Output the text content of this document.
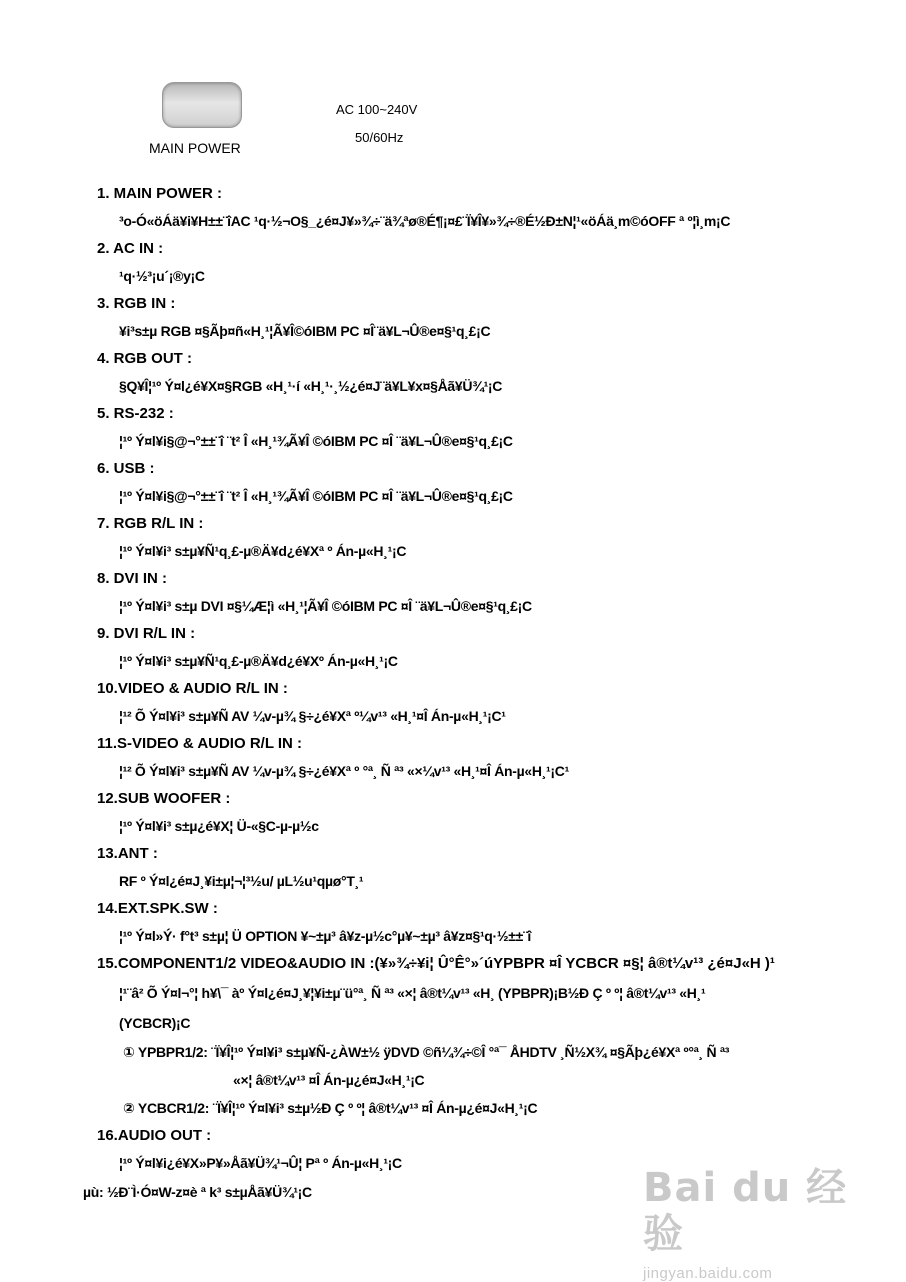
MAIN POWER
AC 100~240V
50/60Hz
1. MAIN POWER :
³o-Ó«öÁä¥i¥H±±¨îAC ¹q·½¬O§_¿é¤J¥»¾÷¨ä¾ªø®É¶¡¤£¨Ï¥Î¥»¾÷®É½Ð±N¦¹«öÁä¸m©óOFF ª º¦ì¸m¡C
2. AC IN :
¹q·½³¡u´¡®y¡C
3. RGB IN :
¥i³s±µ RGB ¤§Ãþ¤ñ«H¸¹¦Ã¥Î©óIBM PC ¤Î¨ä¥L¬Û®e¤§¹q¸£¡C
4. RGB OUT :
§Q¥Î¦¹º Ý¤l¿é¥X¤§RGB «H¸¹·í «H¸¹·¸½¿é¤J¨ä¥L¥x¤§Åã¥Ü¾¹¡C
5. RS-232 :
¦¹º Ý¤l¥i§@¬°±±¨î ¨t² Î «H¸¹¾Ã¥Î ©óIBM PC ¤Î ¨ä¥L¬Û®e¤§¹q¸£¡C
6. USB :
¦¹º Ý¤l¥i§@¬°±±¨î ¨t² Î «H¸¹¾Ã¥Î ©óIBM PC ¤Î ¨ä¥L¬Û®e¤§¹q¸£¡C
7. RGB R/L IN :
¦¹º Ý¤l¥i³ s±µ¥Ñ¹q¸£-µ®Ä¥d¿é¥Xª º Án-µ«H¸¹¡C
8. DVI IN :
¦¹º Ý¤l¥i³ s±µ DVI ¤§¼Æ¦ì «H¸¹¦Ã¥Î ©óIBM PC ¤Î ¨ä¥L¬Û®e¤§¹q¸£¡C
9. DVI R/L IN :
¦¹º Ý¤l¥i³ s±µ¥Ñ¹q¸£-µ®Ä¥d¿é¥Xº Án-µ«H¸¹¡C
10.VIDEO & AUDIO R/L IN :
¦¹² Õ Ý¤l¥i³ s±µ¥Ñ AV ¼v-µ¾ §÷¿é¥Xª º¼v¹³ «H¸¹¤Î Án-µ«H¸¹¡C¹
11.S-VIDEO & AUDIO R/L IN :
¦¹² Õ Ý¤l¥i³ s±µ¥Ñ AV ¼v-µ¾ §÷¿é¥Xª º °ª¸ Ñ ª³ «×¼v¹³ «H¸¹¤Î Án-µ«H¸¹¡C¹
12.SUB WOOFER :
¦¹º Ý¤l¥i³ s±µ¿é¥X¦ Ü-«§C-µ-µ½c
13.ANT :
RF º Ý¤l¿é¤J¸¥i±µ¦¬¦³½u/ µL½u¹qµø°T¸¹
14.EXT.SPK.SW :
¦¹º Ý¤l»Ý· f°t³ s±µ¦ Ü OPTION ¥~±µ³ â¥z-µ½c°µ¥~±µ³ â¥z¤§¹q·½±±¨î
15.COMPONENT1/2 VIDEO&AUDIO IN :(¥»¾÷¥i¦ Û°Ê°»´úYPBPR ¤Î YCBCR ¤§¦ â®t¼v¹³ ¿é¤J«H )¹
¦¹¨â² Õ Ý¤l¬°¦ h¥\¯ àº Ý¤l¿é¤J¸¥¦¥i±µ¨ü°ª¸ Ñ ª³ «×¦ â®t¼v¹³ «H¸ (YPBPR)¡B½Ð Ç º º¦ â®t¼v¹³ «H¸¹
(YCBCR)¡C
① YPBPR1/2: ¨Ï¥Î¦¹º Ý¤l¥i³ s±µ¥Ñ-¿ÀW±½ ÿDVD ©ñ¼¾÷©Î °ª¯ ÅHDTV ¸Ñ½X¾ ¤§Ãþ¿é¥Xª º°ª¸ Ñ ª³
«×¦ â®t¼v¹³ ¤Î Án-µ¿é¤J«H¸¹¡C
② YCBCR1/2: ¨Ï¥Î¦¹º Ý¤l¥i³ s±µ½Ð Ç º º¦ â®t¼v¹³ ¤Î Án-µ¿é¤J«H¸¹¡C
16.AUDIO OUT :
¦¹º Ý¤l¥i¿é¥X»P¥»Åã¥Ü¾¹¬Û¦ Pª º Án-µ«H¸¹¡C
µù: ½Ð¨Ì·Ó¤W-z¤è ª k³ s±µÅã¥Ü¾¹¡C	Bai du 经验
jingyan.baidu.com
